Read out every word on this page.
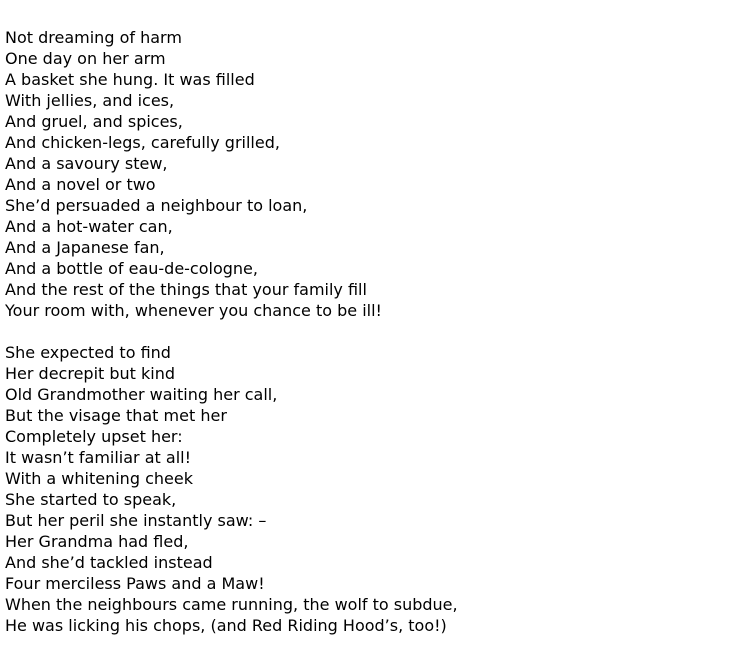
Not dreaming of harm
One day on her arm
A basket she hung. It was filled
With jellies, and ices,
And gruel, and spices,
And chicken-legs, carefully grilled,
And a savoury stew,
And a novel or two
She’d persuaded a neighbour to loan,
And a hot-water can,
And a Japanese fan,
And a bottle of eau-de-cologne,
And the rest of the things that your family fill
Your room with, whenever you chance to be ill!
She expected to find
Her decrepit but kind
Old Grandmother waiting her call,
But the visage that met her
Completely upset her:
It wasn’t familiar at all!
With a whitening cheek
She started to speak,
But her peril she instantly saw: –
Her Grandma had fled,
And she’d tackled instead
Four merciless Paws and a Maw!
When the neighbours came running, the wolf to subdue,
He was licking his chops, (and Red Riding Hood’s, too!)
